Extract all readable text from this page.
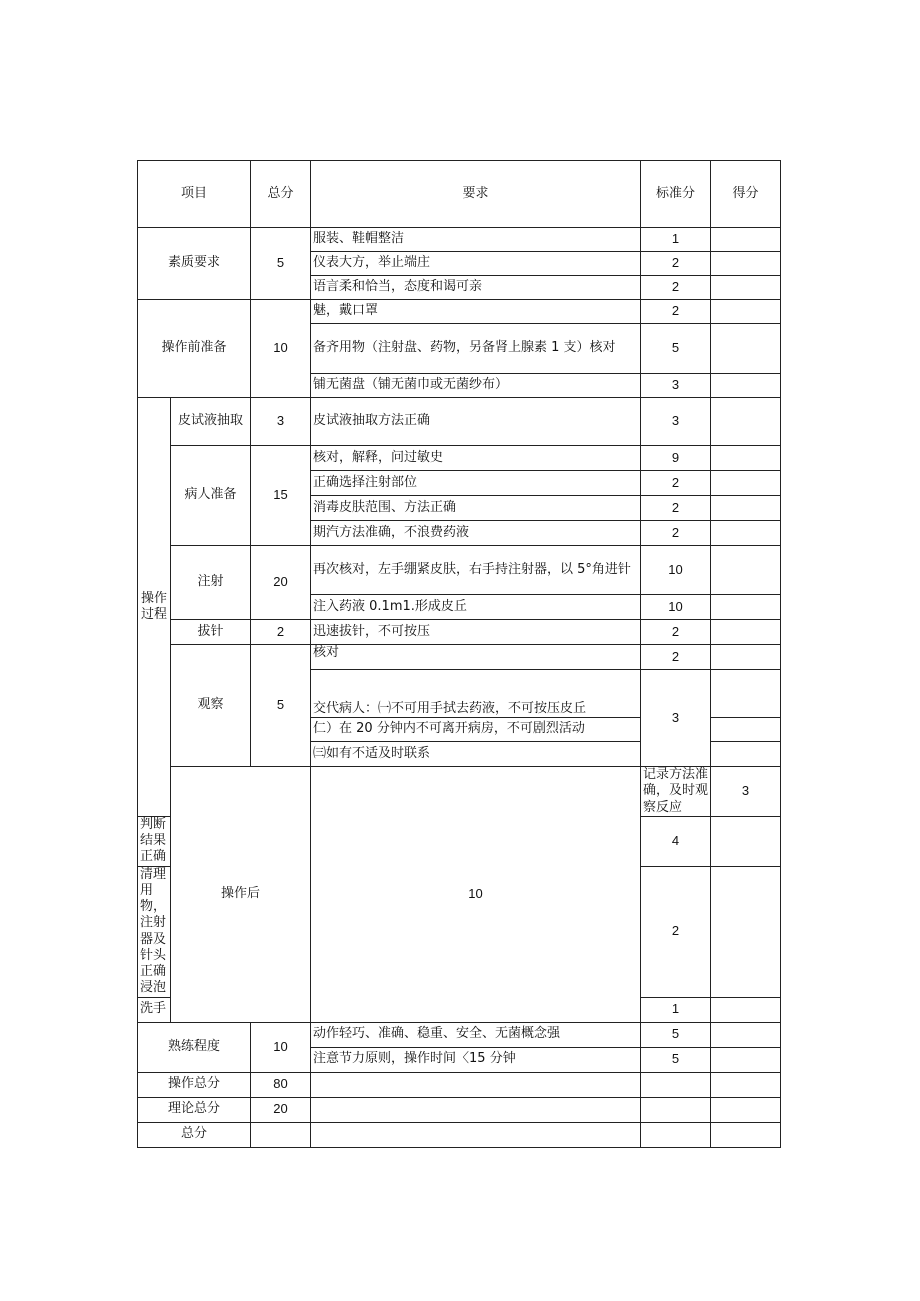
项目		总分	要求	标准分	得分	
素质要求		5	服装、鞋帽整洁	1		
			仪表大方，举止端庄	2		
			语言柔和恰当，态度和谒可亲	2		
操作前准备		10	魅，戴口罩	2		
			备齐用物（注射盘、药物，另备肾上腺素 1 支）核对	5		
			铺无菌盘（铺无菌巾或无菌纱布）	3		
操作过程	皮试液抽取	3	皮试液抽取方法正确	3		
	病人准备	15	核对，解释，问过敏史	9		
			正确选择注射部位	2		
			消毒皮肤范围、方法正确	2		
			期汽方法准确，不浪费药液	2		
	注射	20	再次核对，左手绷紧皮肤，右手持注射器，以 5°角进针	10		
			注入药液 0.1m1.形成皮丘	10		
	拔针	2	迅速拔针，不可按压	2		
	观察	5	核对	2		
			交代病人：㈠不可用手拭去药液，不可按压皮丘	3		
			仁）在 20 分钟内不可离开病房，不可剧烈活动			
			㈢如有不适及时联系			
	操作后		10	记录方法准确，及时观察反应	3	
判断结果正确				4		
清理用物，注射器及针头正确浸泡				2		
洗手				1		
熟练程度		10	动作轻巧、准确、稳重、安全、无菌概念强	5		
			注意节力原则，操作时间〈15 分钟	5		
操作总分		80				
理论总分		20				
总分						
